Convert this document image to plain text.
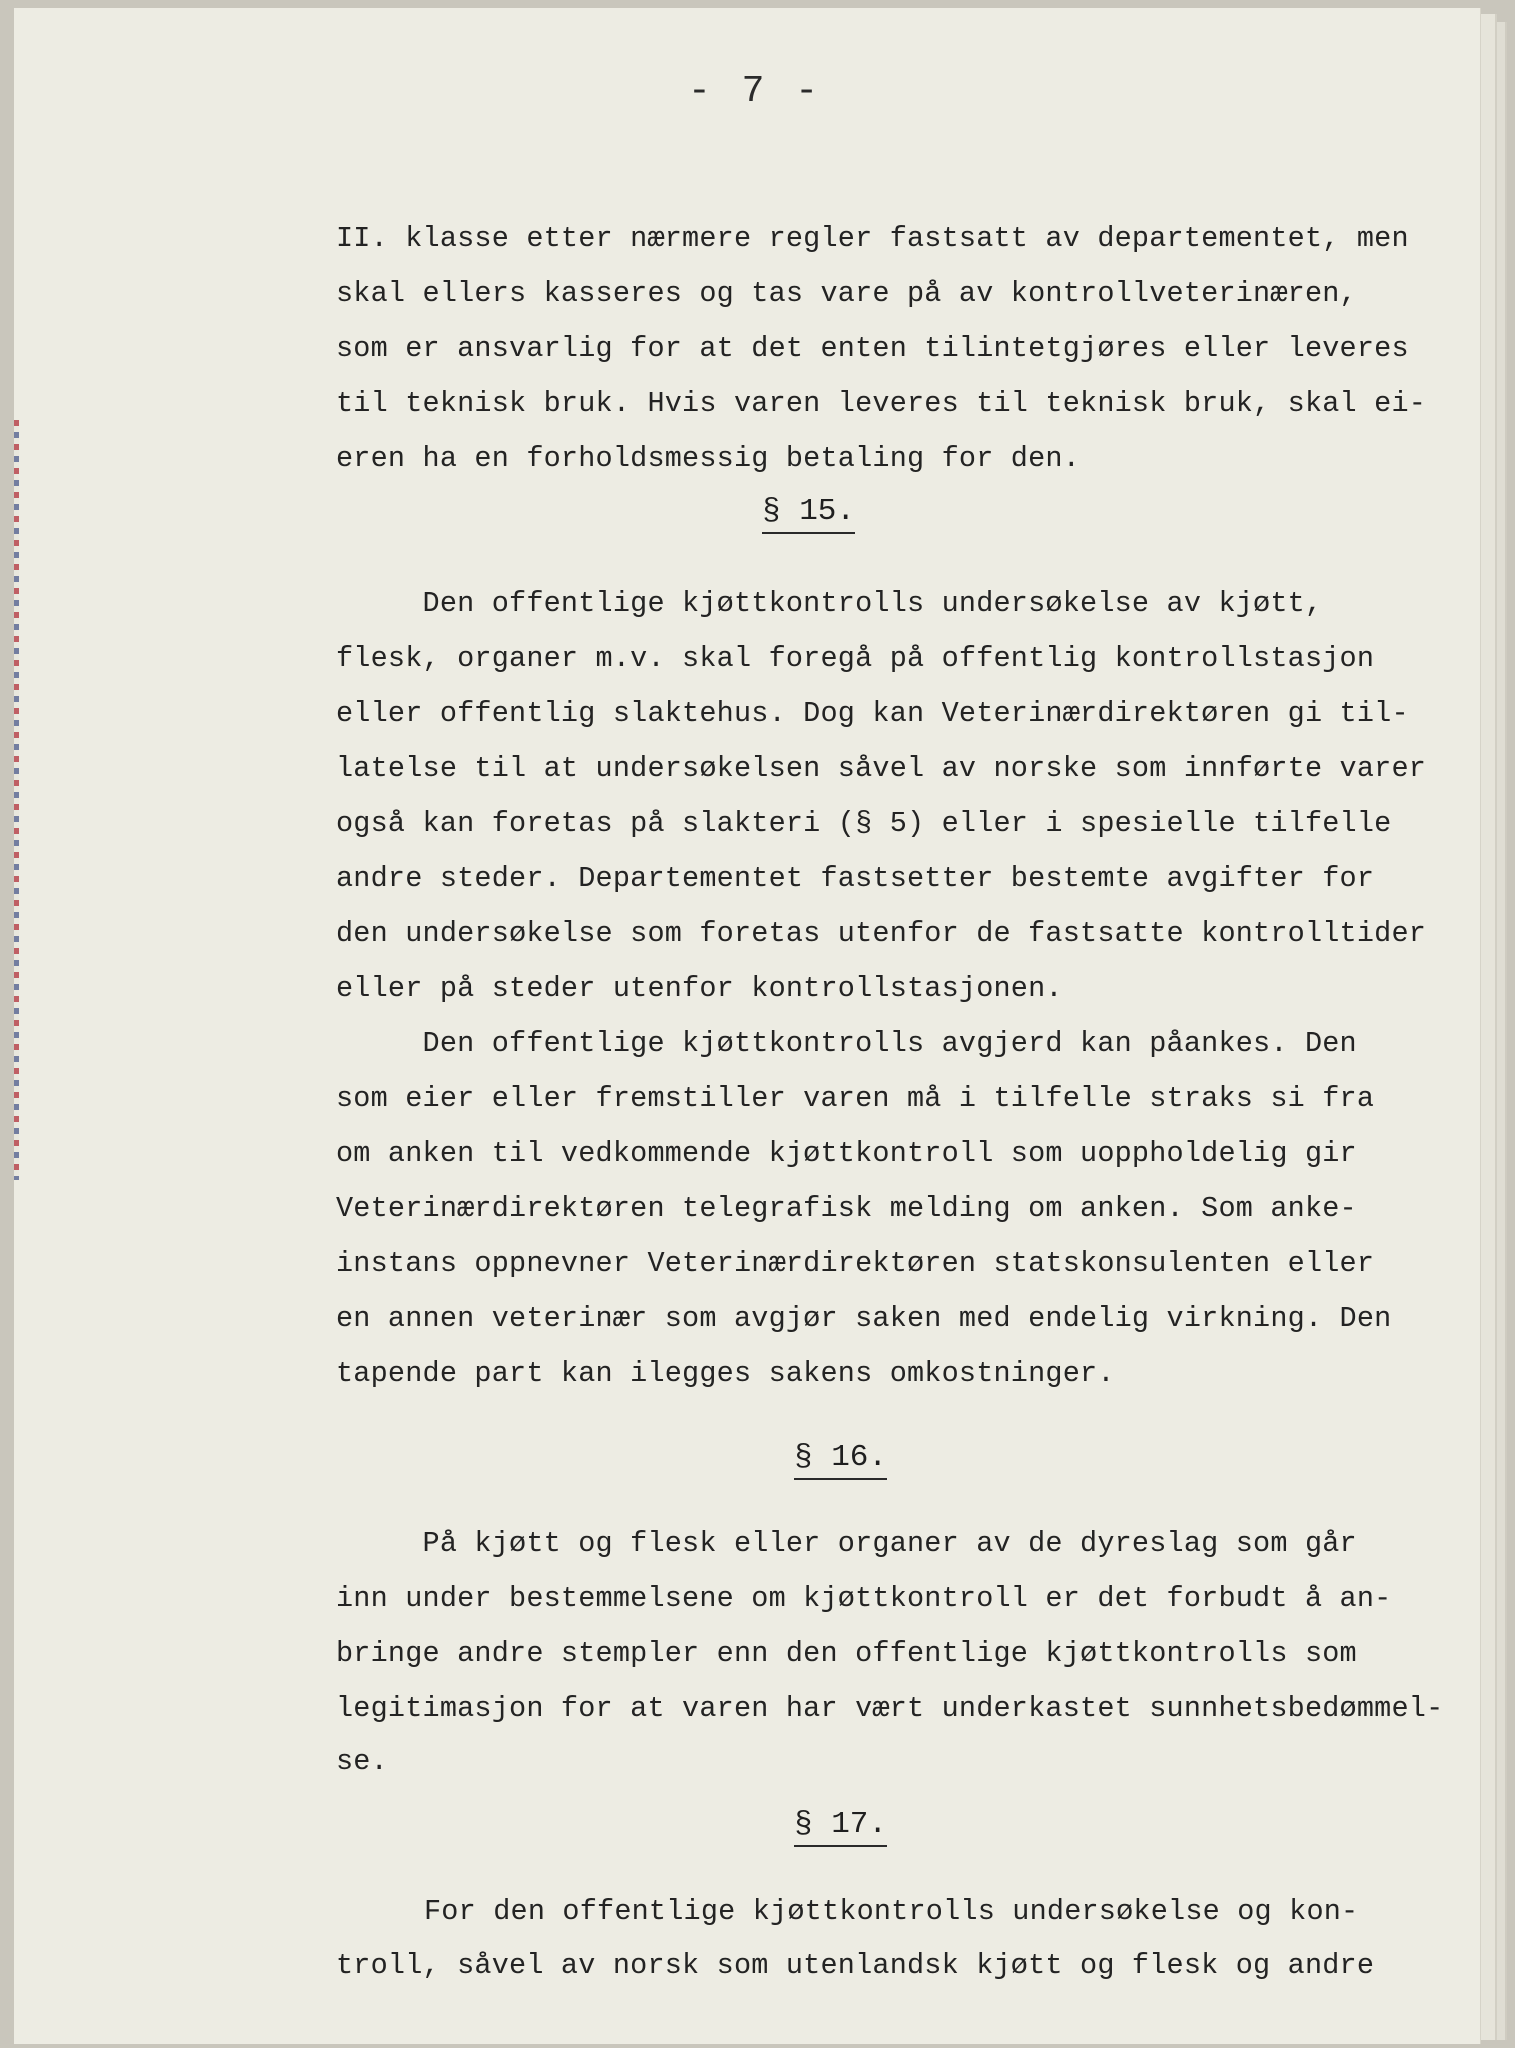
- 7 -
II. klasse etter nærmere regler fastsatt av departementet, men
skal ellers kasseres og tas vare på av kontrollveterinæren,
som er ansvarlig for at det enten tilintetgjøres eller leveres
til teknisk bruk. Hvis varen leveres til teknisk bruk, skal ei-
eren ha en forholdsmessig betaling for den.
§ 15.
Den offentlige kjøttkontrolls undersøkelse av kjøtt,
flesk, organer m.v. skal foregå på offentlig kontrollstasjon
eller offentlig slaktehus. Dog kan Veterinærdirektøren gi til-
latelse til at undersøkelsen såvel av norske som innførte varer
også kan foretas på slakteri (§ 5) eller i spesielle tilfelle
andre steder. Departementet fastsetter bestemte avgifter for
den undersøkelse som foretas utenfor de fastsatte kontrolltider
eller på steder utenfor kontrollstasjonen.
Den offentlige kjøttkontrolls avgjerd kan påankes. Den
som eier eller fremstiller varen må i tilfelle straks si fra
om anken til vedkommende kjøttkontroll som uoppholdelig gir
Veterinærdirektøren telegrafisk melding om anken. Som anke-
instans oppnevner Veterinærdirektøren statskonsulenten eller
en annen veterinær som avgjør saken med endelig virkning. Den
tapende part kan ilegges sakens omkostninger.
§ 16.
På kjøtt og flesk eller organer av de dyreslag som går
inn under bestemmelsene om kjøttkontroll er det forbudt å an-
bringe andre stempler enn den offentlige kjøttkontrolls som
legitimasjon for at varen har vært underkastet sunnhetsbedømmel-
se.
§ 17.
For den offentlige kjøttkontrolls undersøkelse og kon-
troll, såvel av norsk som utenlandsk kjøtt og flesk og andre
